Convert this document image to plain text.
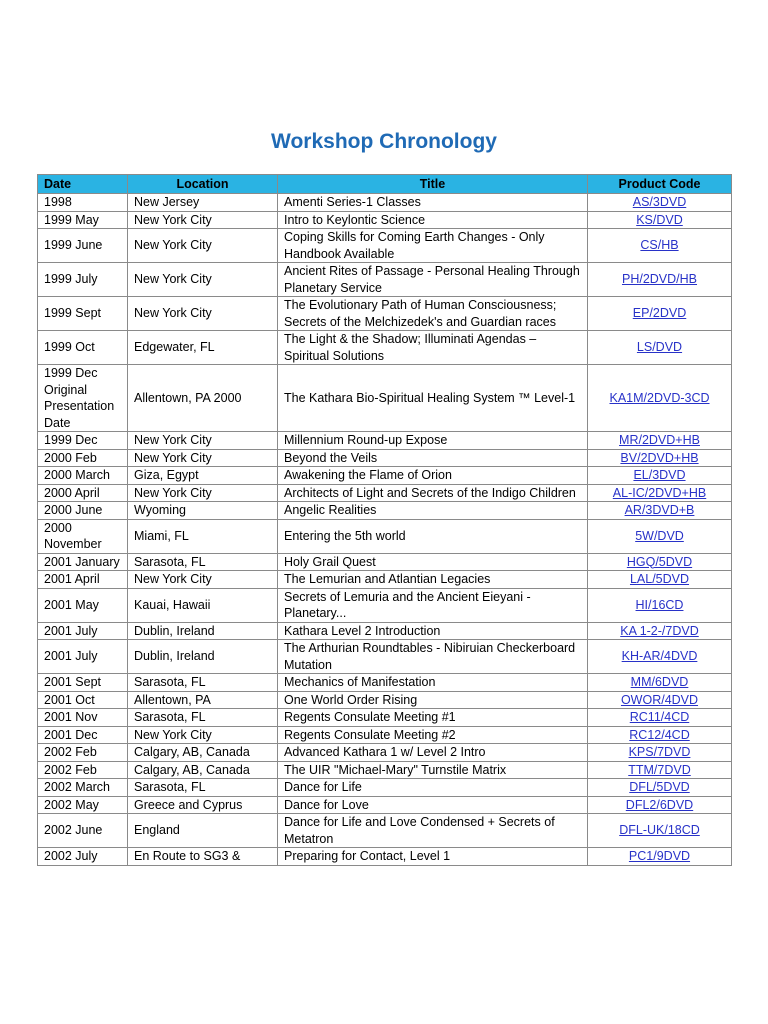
Workshop Chronology
Date	Location	Title	Product Code
1998	New Jersey	Amenti Series-1 Classes	AS/3DVD
1999 May	New York City	Intro to Keylontic Science	KS/DVD
1999 June	New York City	Coping Skills for Coming Earth Changes - Only Handbook Available	CS/HB
1999 July	New York City	Ancient Rites of Passage - Personal Healing Through Planetary Service	PH/2DVD/HB
1999 Sept	New York City	The Evolutionary Path of Human Consciousness; Secrets of the Melchizedek's and Guardian races	EP/2DVD
1999 Oct	Edgewater, FL	The Light & the Shadow; Illuminati Agendas – Spiritual Solutions	LS/DVD
1999 Dec Original Presentation Date	Allentown, PA 2000	The Kathara Bio-Spiritual Healing System ™ Level-1	KA1M/2DVD-3CD
1999 Dec	New York City	Millennium Round-up Expose	MR/2DVD+HB
2000 Feb	New York City	Beyond the Veils	BV/2DVD+HB
2000 March	Giza, Egypt	Awakening the Flame of Orion	EL/3DVD
2000 April	New York City	Architects of Light and Secrets of the Indigo Children	AL-IC/2DVD+HB
2000 June	Wyoming	Angelic Realities	AR/3DVD+B
2000 November	Miami, FL	Entering the 5th world	5W/DVD
2001 January	Sarasota, FL	Holy Grail Quest	HGQ/5DVD
2001 April	New York City	The Lemurian and Atlantian Legacies	LAL/5DVD
2001 May	Kauai, Hawaii	Secrets of Lemuria and the Ancient Eieyani - Planetary...	HI/16CD
2001 July	Dublin, Ireland	Kathara Level 2 Introduction	KA 1-2-/7DVD
2001 July	Dublin, Ireland	The Arthurian Roundtables - Nibiruian Checkerboard Mutation	KH-AR/4DVD
2001 Sept	Sarasota, FL	Mechanics of Manifestation	MM/6DVD
2001 Oct	Allentown, PA	One World Order Rising	OWOR/4DVD
2001 Nov	Sarasota, FL	Regents Consulate Meeting #1	RC11/4CD
2001 Dec	New York City	Regents Consulate Meeting #2	RC12/4CD
2002 Feb	Calgary, AB, Canada	Advanced Kathara 1 w/ Level 2 Intro	KPS/7DVD
2002 Feb	Calgary, AB, Canada	The UIR "Michael-Mary" Turnstile Matrix	TTM/7DVD
2002 March	Sarasota, FL	Dance for Life	DFL/5DVD
2002 May	Greece and Cyprus	Dance for Love	DFL2/6DVD
2002 June	England	Dance for Life and Love Condensed + Secrets of Metatron	DFL-UK/18CD
2002 July	En Route to SG3 &	Preparing for Contact, Level 1	PC1/9DVD
